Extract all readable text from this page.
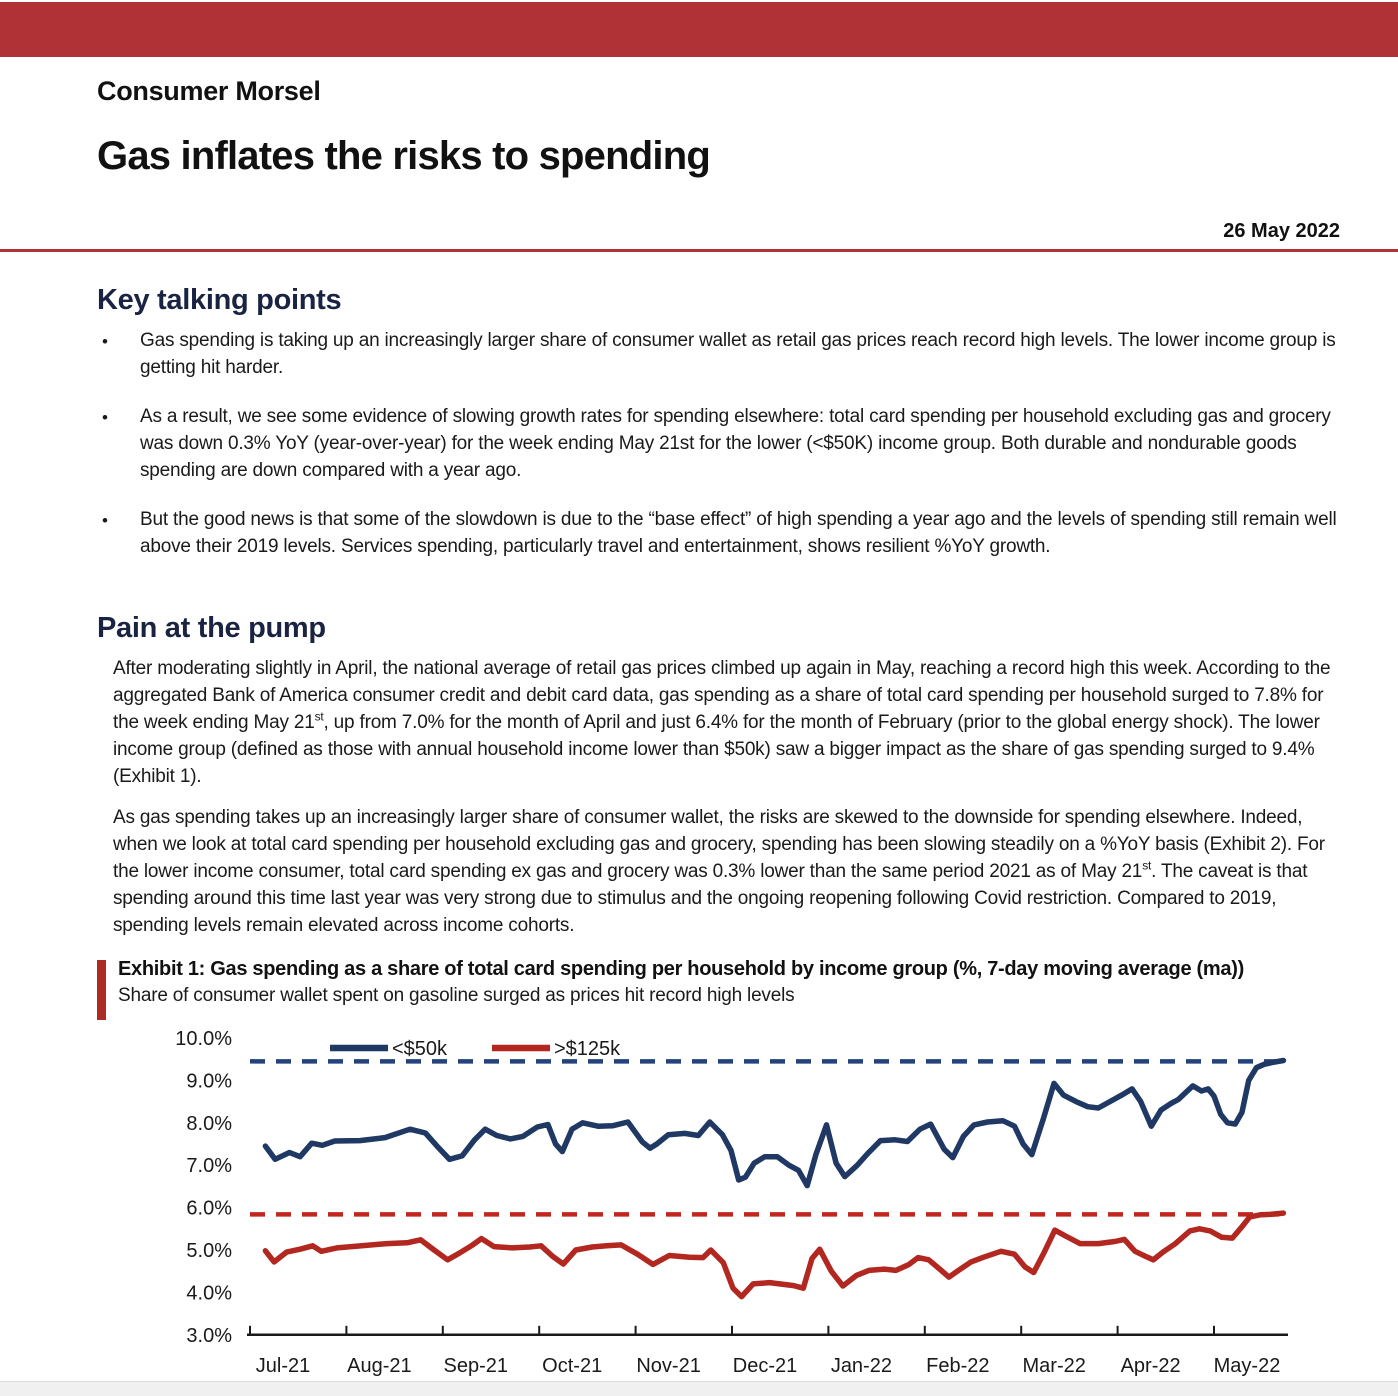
Consumer Morsel
Gas inflates the risks to spending
26 May 2022
Key talking points
• Gas spending is taking up an increasingly larger share of consumer wallet as retail gas prices reach record high levels. The lower income group is getting hit harder.
• As a result, we see some evidence of slowing growth rates for spending elsewhere: total card spending per household excluding gas and grocery was down 0.3% YoY (year-over-year) for the week ending May 21st for the lower (<$50K) income group. Both durable and nondurable goods spending are down compared with a year ago.
• But the good news is that some of the slowdown is due to the “base effect” of high spending a year ago and the levels of spending still remain well above their 2019 levels. Services spending, particularly travel and entertainment, shows resilient %YoY growth.
Pain at the pump

After moderating slightly in April, the national average of retail gas prices climbed up again in May, reaching a record high this week. According to the aggregated Bank of America consumer credit and debit card data, gas spending as a share of total card spending per household surged to 7.8% for the week ending May 21st, up from 7.0% for the month of April and just 6.4% for the month of February (prior to the global energy shock). The lower income group (defined as those with annual household income lower than $50k) saw a bigger impact as the share of gas spending surged to 9.4% (Exhibit 1).

As gas spending takes up an increasingly larger share of consumer wallet, the risks are skewed to the downside for spending elsewhere. Indeed, when we look at total card spending per household excluding gas and grocery, spending has been slowing steadily on a %YoY basis (Exhibit 2). For the lower income consumer, total card spending ex gas and grocery was 0.3% lower than the same period 2021 as of May 21st. The caveat is that spending around this time last year was very strong due to stimulus and the ongoing reopening following Covid restriction. Compared to 2019, spending levels remain elevated across income cohorts.

Exhibit 1: Gas spending as a share of total card spending per household by income group (%, 7-day moving average (ma))

Share of consumer wallet spent on gasoline surged as prices hit record high levels

10.0%
9.0%
8.0%
7.0%
6.0%
5.0%
4.0%
3.0%
Jul-21 Aug-21 Sep-21 Oct-21 Nov-21 Dec-21 Jan-22 Feb-22 Mar-22 Apr-22 May-22
<$50k	>$125k
